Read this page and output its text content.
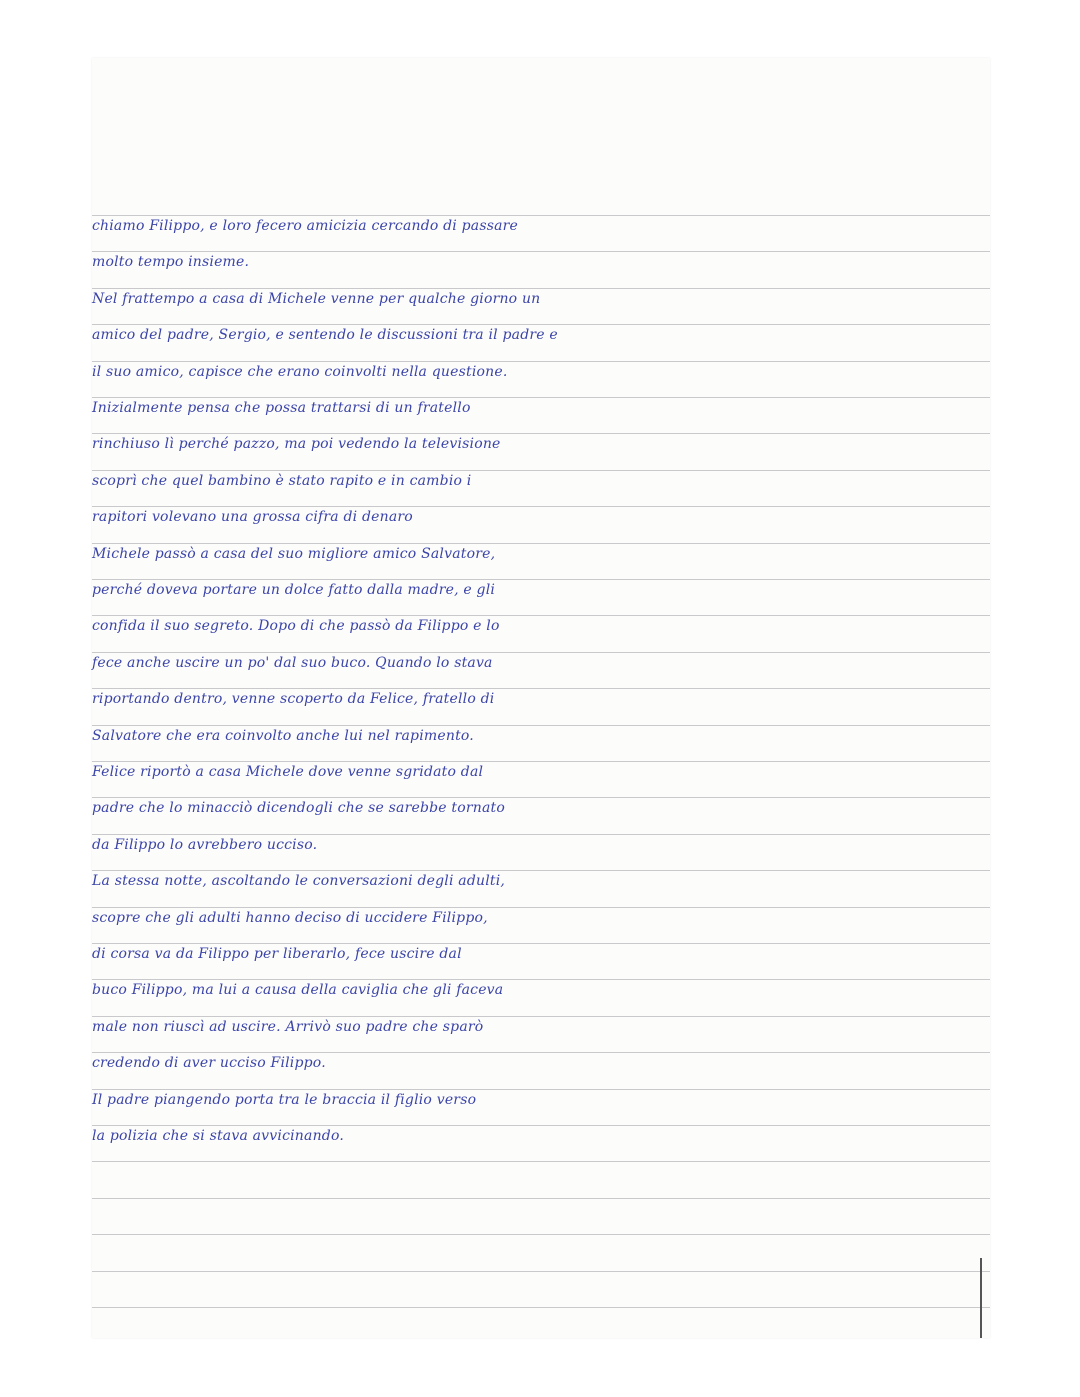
chiamo Filippo, e loro fecero amicizia cercando di passare
molto tempo insieme.
Nel frattempo a casa di Michele venne per qualche giorno un
amico del padre, Sergio, e sentendo le discussioni tra il padre e
il suo amico, capisce che erano coinvolti nella questione.
Inizialmente pensa che possa trattarsi di un fratello
rinchiuso lì perché pazzo, ma poi vedendo la televisione
scoprì che quel bambino è stato rapito e in cambio i
rapitori volevano una grossa cifra di denaro
Michele passò a casa del suo migliore amico Salvatore,
perché doveva portare un dolce fatto dalla madre, e gli
confida il suo segreto. Dopo di che passò da Filippo e lo
fece anche uscire un po' dal suo buco. Quando lo stava
riportando dentro, venne scoperto da Felice, fratello di
Salvatore che era coinvolto anche lui nel rapimento.
Felice riportò a casa Michele dove venne sgridato dal
padre che lo minacciò dicendogli che se sarebbe tornato
da Filippo lo avrebbero ucciso.
La stessa notte, ascoltando le conversazioni degli adulti,
scopre che gli adulti hanno deciso di uccidere Filippo,
di corsa va da Filippo per liberarlo, fece uscire dal
buco Filippo, ma lui a causa della caviglia che gli faceva
male non riuscì ad uscire. Arrivò suo padre che sparò
credendo di aver ucciso Filippo.
Il padre piangendo porta tra le braccia il figlio verso
la polizia che si stava avvicinando.
